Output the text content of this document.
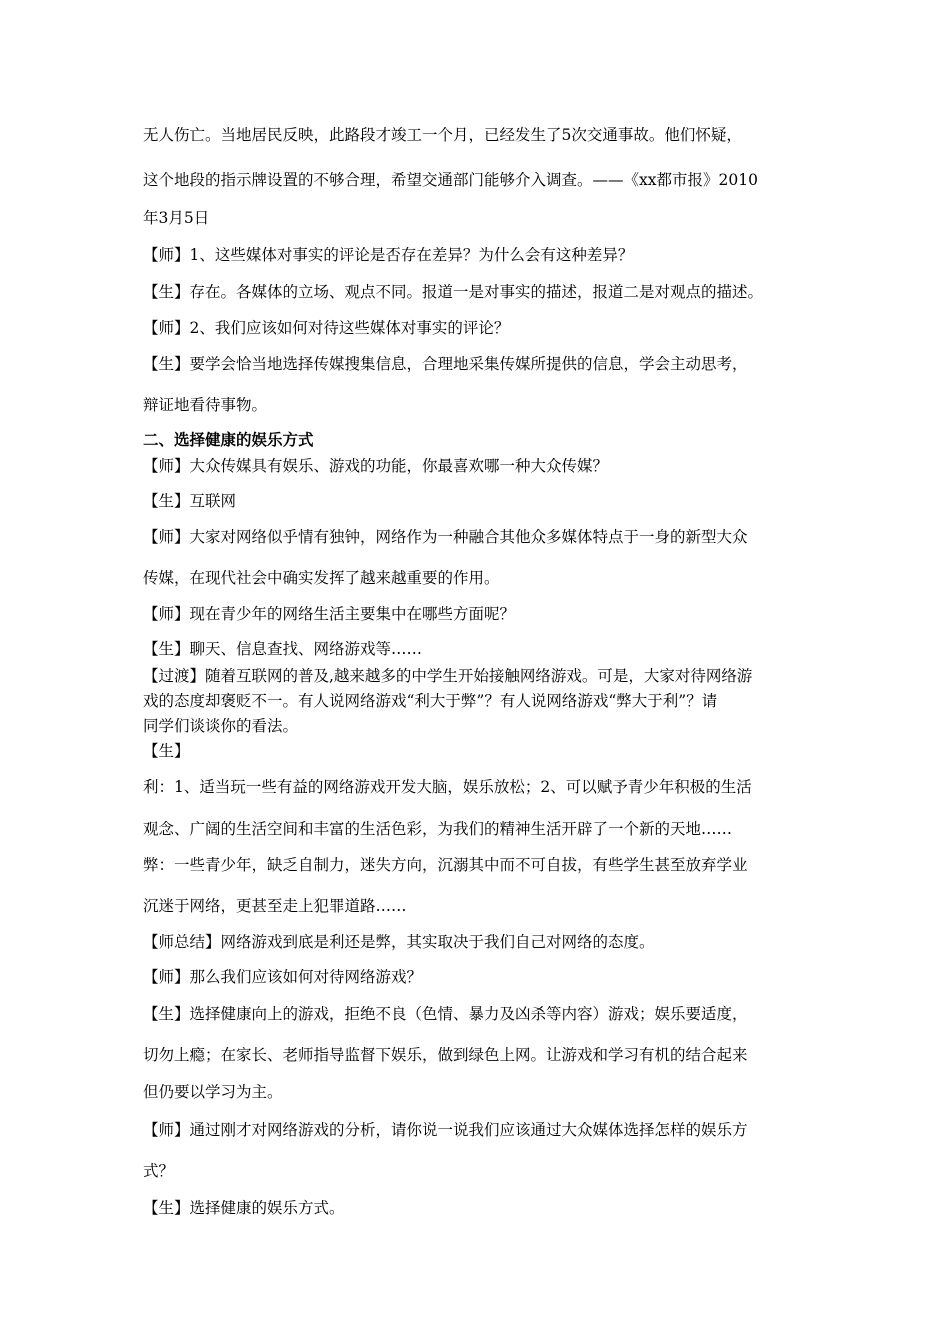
无人伤亡。当地居民反映，此路段才竣工一个月，已经发生了5次交通事故。他们怀疑，
这个地段的指示牌设置的不够合理，希望交通部门能够介入调查。——《xx都市报》2010
年3月5日
【师】1、这些媒体对事实的评论是否存在差异？为什么会有这种差异？
【生】存在。各媒体的立场、观点不同。报道一是对事实的描述，报道二是对观点的描述。
【师】2、我们应该如何对待这些媒体对事实的评论？
【生】要学会恰当地选择传媒搜集信息，合理地采集传媒所提供的信息，学会主动思考，
辩证地看待事物。
二、选择健康的娱乐方式
【师】大众传媒具有娱乐、游戏的功能，你最喜欢哪一种大众传媒？
【生】互联网
【师】大家对网络似乎情有独钟，网络作为一种融合其他众多媒体特点于一身的新型大众
传媒，在现代社会中确实发挥了越来越重要的作用。
【师】现在青少年的网络生活主要集中在哪些方面呢？
【生】聊天、信息查找、网络游戏等……
【过渡】随着互联网的普及,越来越多的中学生开始接触网络游戏。可是，大家对待网络游
戏的态度却褒贬不一。有人说网络游戏“利大于弊”？有人说网络游戏“弊大于利”？请
同学们谈谈你的看法。
【生】
利：1、适当玩一些有益的网络游戏开发大脑，娱乐放松；2、可以赋予青少年积极的生活
观念、广阔的生活空间和丰富的生活色彩，为我们的精神生活开辟了一个新的天地……
弊：一些青少年，缺乏自制力，迷失方向，沉溺其中而不可自拔，有些学生甚至放弃学业
沉迷于网络，更甚至走上犯罪道路……
【师总结】网络游戏到底是利还是弊，其实取决于我们自己对网络的态度。
【师】那么我们应该如何对待网络游戏？
【生】选择健康向上的游戏，拒绝不良（色情、暴力及凶杀等内容）游戏；娱乐要适度，
切勿上瘾；在家长、老师指导监督下娱乐，做到绿色上网。让游戏和学习有机的结合起来
但仍要以学习为主。
【师】通过刚才对网络游戏的分析，请你说一说我们应该通过大众媒体选择怎样的娱乐方
式？
【生】选择健康的娱乐方式。
